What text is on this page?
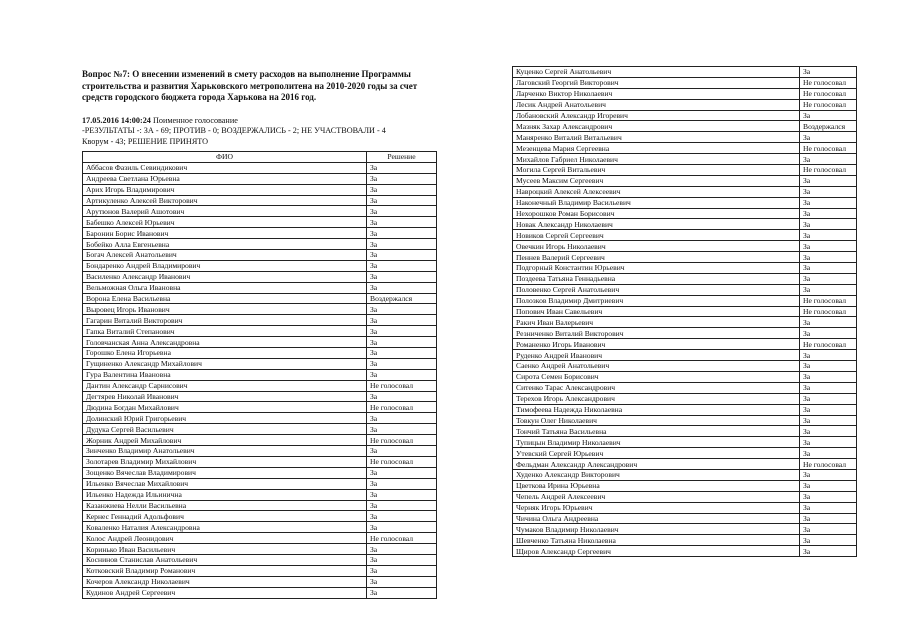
Вопрос №7: О внесении изменений в смету расходов на выполнение Программы строительства и развития Харьковского метрополитена на 2010-2020 годы за счет средств городского бюджета города Харькова на 2016 год.
17.05.2016 14:00:24 Поименное голосование
-РЕЗУЛЬТАТЫ -: ЗА - 69; ПРОТИВ - 0; ВОЗДЕРЖАЛИСЬ - 2; НЕ УЧАСТВОВАЛИ - 4
Кворум - 43; РЕШЕНИЕ ПРИНЯТО
ФИО	Решение
Аббасов Фазиль Севиндикович	За
Андреева Светлана Юрьевна	За
Арих Игорь Владимирович	За
Артикуленко Алексей Викторович	За
Арутюнов Валерий Ашотович	За
Бабешко Алексей Юрьевич	За
Баронин Борис Иванович	За
Бобейко Алла Евгеньевна	За
Богач Алексей Анатольевич	За
Бондаренко Андрей Владимирович	За
Василенко Александр Иванович	За
Вельможная Ольга Ивановна	За
Ворона Елена Васильевна	Воздержался
Выровец Игорь Иванович	За
Гагарин Виталий Викторович	За
Гапка Виталий Степанович	За
Головчанская Анна Александровна	За
Горошко Елена Игорьевна	За
Гущиненко Александр Михайлович	За
Гура Валентина Ивановна	За
Дантин Александр Сарнисович	Не голосовал
Дегтярев Николай Иванович	За
Дюдина Богдан Михайлович	Не голосовал
Долинский Юрий Григорьевич	За
Дудука Сергей Васильевич	За
Жорник Андрей Михайлович	Не голосовал
Зинченко Владимир Анатольевич	За
Золотарев Владимир Михайлович	Не голосовал
Зощенко Вячеслав Владимирович	За
Ильенко Вячеслав Михайлович	За
Ильенко Надежда Ильинична	За
Казанжиева Нелли Васильевна	За
Кернес Геннадий Адольфович	За
Коваленко Наталия Александровна	За
Колос Андрей Леонидович	Не голосовал
Коринько Иван Васильевич	За
Коснинов Станислав Анатольевич	За
Котковский Владимир Романович	За
Кочеров Александр Николаевич	За
Кудинов Андрей Сергеевич	За
Куценко Сергей Анатольевич	За
Лаговский Георгий Викторович	Не голосовал
Ларченко Виктор Николаевич	Не голосовал
Лесик Андрей Анатольевич	Не голосовал
Лобановский Александр Игоревич	За
Мазняк Захар Александрович	Воздержался
Маняренко Виталий Витальевич	За
Мезенцева Мария Сергеевна	Не голосовал
Михайлов Габриел Николаевич	За
Могила Сергей Витальевич	Не голосовал
Мусеев Максим Сергеевич	За
Навроцкий Алексей Алексеевич	За
Наконечный Владимир Васильевич	За
Нехорошков Роман Борисович	За
Новак Александр Николаевич	За
Новиков Сергей Сергеевич	За
Овечкин Игорь Николаевич	За
Пеннев Валерий Сергеевич	За
Подгорный Константин Юрьевич	За
Поздеева Татьяна Геннадьевна	За
Половенко Сергей Анатольевич	За
Полозков Владимир Дмитриевич	Не голосовал
Попович Иван Савельевич	Не голосовал
Ракич Иван Валерьевич	За
Резниченко Виталий Викторович	За
Романенко Игорь Иванович	Не голосовал
Руденко Андрей Иванович	За
Саенко Андрей Анатольевич	За
Сирота Семен Борисович	За
Ситенко Тарас Александрович	За
Терехов Игорь Александрович	За
Тимофеева Надежда Николаевна	За
Товкун Олег Николаевич	За
Тончий Татьяна Васильевна	За
Тупицын Владимир Николаевич	За
Утевский Сергей Юрьевич	За
Фельдман Александр Александрович	Не голосовал
Худенко Александр Викторович	За
Цветкова Ирина Юрьевна	За
Чепель Андрей Алексеевич	За
Черняк Игорь Юрьевич	За
Чичина Ольга Андреевна	За
Чумаков Владимир Николаевич	За
Шевченко Татьяна Николаевна	За
Щиров Александр Сергеевич	За
